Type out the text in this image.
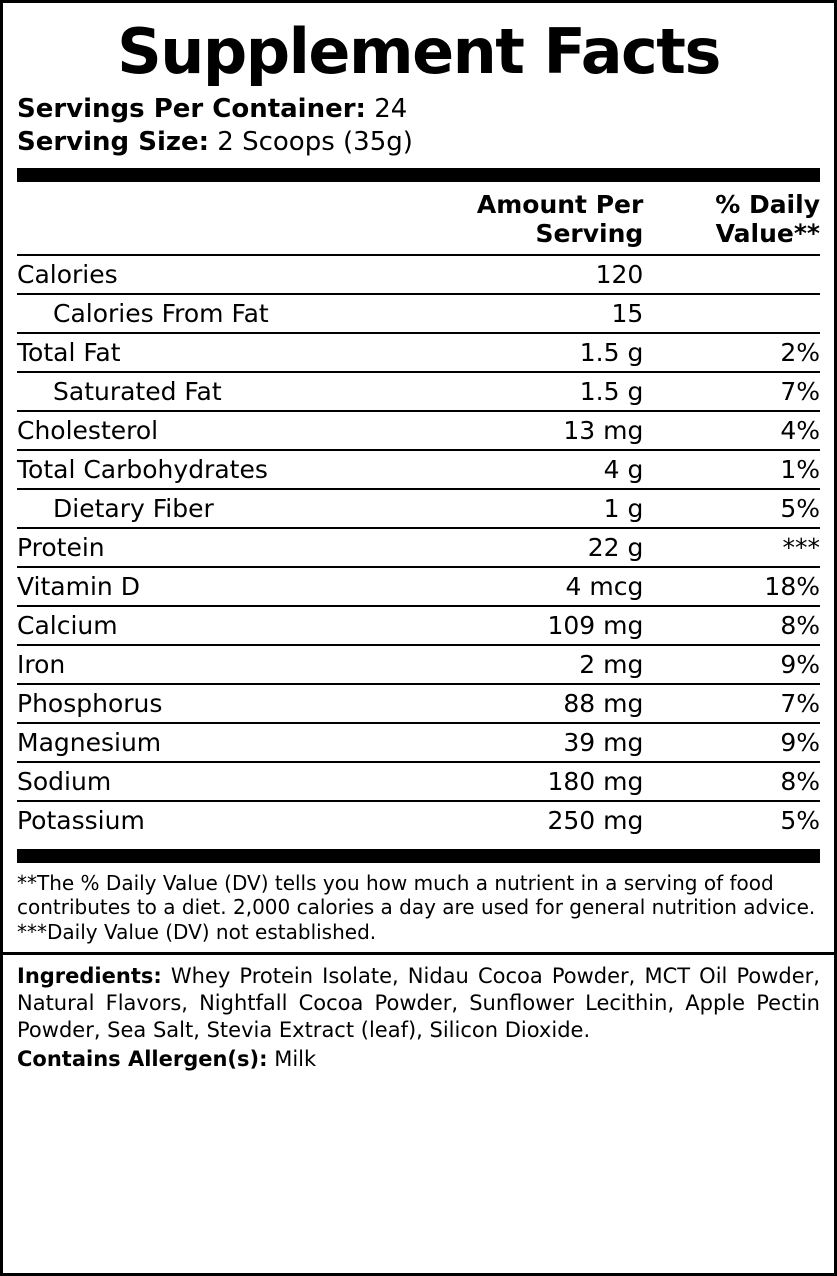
Supplement Facts
Servings Per Container: 24
Serving Size: 2 Scoops (35g)
	Amount Per Serving	% Daily Value**
Calories	120	
Calories From Fat	15	
Total Fat	1.5 g	2%
Saturated Fat	1.5 g	7%
Cholesterol	13 mg	4%
Total Carbohydrates	4 g	1%
Dietary Fiber	1 g	5%
Protein	22 g	***
Vitamin D	4 mcg	18%
Calcium	109 mg	8%
Iron	2 mg	9%
Phosphorus	88 mg	7%
Magnesium	39 mg	9%
Sodium	180 mg	8%
Potassium	250 mg	5%

**The % Daily Value (DV) tells you how much a nutrient in a serving of food contributes to a diet. 2,000 calories a day are used for general nutrition advice.

***Daily Value (DV) not established.

Ingredients: Whey Protein Isolate, Nidau Cocoa Powder, MCT Oil Powder, Natural Flavors, Nightfall Cocoa Powder, Sunflower Lecithin, Apple Pectin Powder, Sea Salt, Stevia Extract (leaf), Silicon Dioxide.
Contains Allergen(s): Milk
